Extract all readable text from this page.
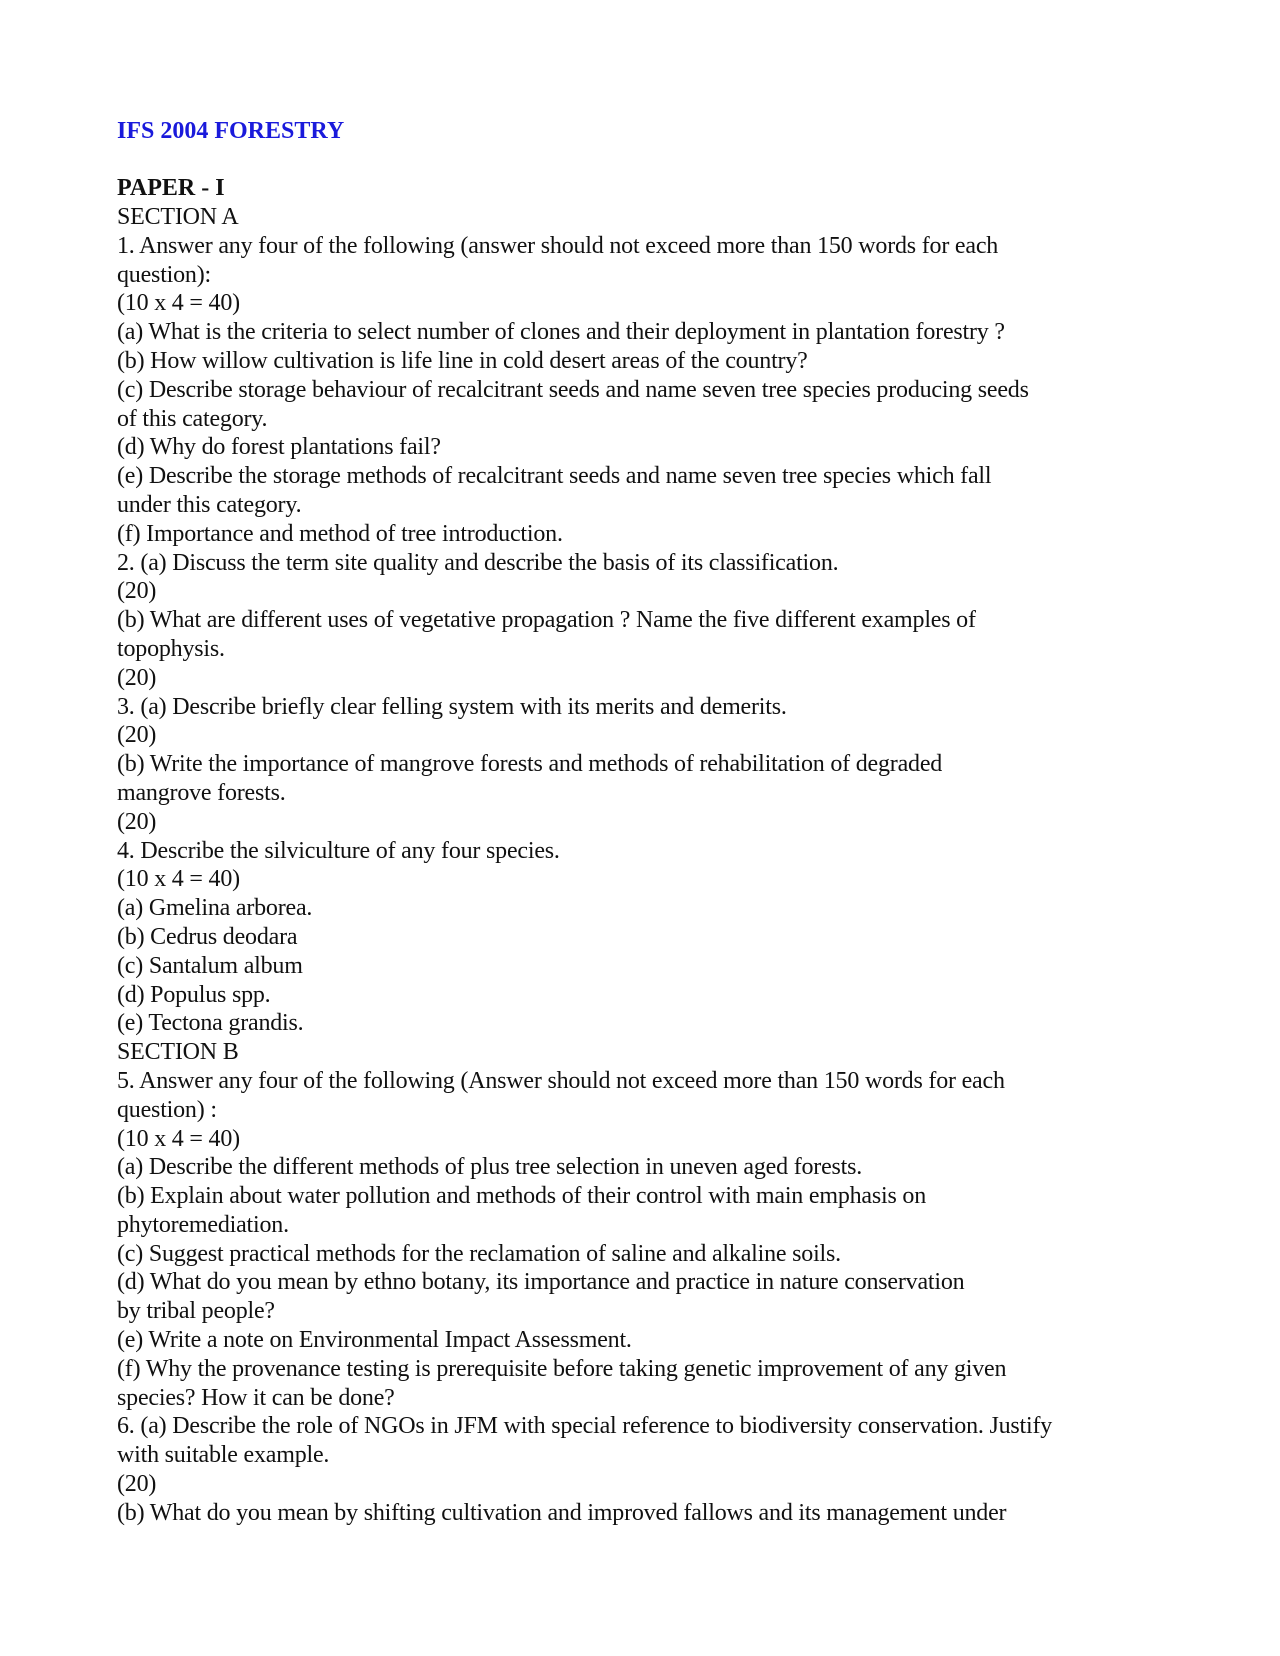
IFS 2004 FORESTRY
PAPER - I
SECTION A
1. Answer any four of the following (answer should not exceed more than 150 words for each
question):
(10 x 4 = 40)
(a) What is the criteria to select number of clones and their deployment in plantation forestry ?
(b) How willow cultivation is life line in cold desert areas of the country?
(c) Describe storage behaviour of recalcitrant seeds and name seven tree species producing seeds
of this category.
(d) Why do forest plantations fail?
(e) Describe the storage methods of recalcitrant seeds and name seven tree species which fall
under this category.
(f) Importance and method of tree introduction.
2. (a) Discuss the term site quality and describe the basis of its classification.
(20)
(b) What are different uses of vegetative propagation ? Name the five different examples of
topophysis.
(20)
3. (a) Describe briefly clear felling system with its merits and demerits.
(20)
(b) Write the importance of mangrove forests and methods of rehabilitation of degraded
mangrove forests.
(20)
4. Describe the silviculture of any four species.
(10 x 4 = 40)
(a) Gmelina arborea.
(b) Cedrus deodara
(c) Santalum album
(d) Populus spp.
(e) Tectona grandis.
SECTION B
5. Answer any four of the following (Answer should not exceed more than 150 words for each
question) :
(10 x 4 = 40)
(a) Describe the different methods of plus tree selection in uneven aged forests.
(b) Explain about water pollution and methods of their control with main emphasis on
phytoremediation.
(c) Suggest practical methods for the reclamation of saline and alkaline soils.
(d) What do you mean by ethno botany, its importance and practice in nature conservation
by tribal people?
(e) Write a note on Environmental Impact Assessment.
(f) Why the provenance testing is prerequisite before taking genetic improvement of any given
species? How it can be done?
6. (a) Describe the role of NGOs in JFM with special reference to biodiversity conservation. Justify
with suitable example.
(20)
(b) What do you mean by shifting cultivation and improved fallows and its management under
